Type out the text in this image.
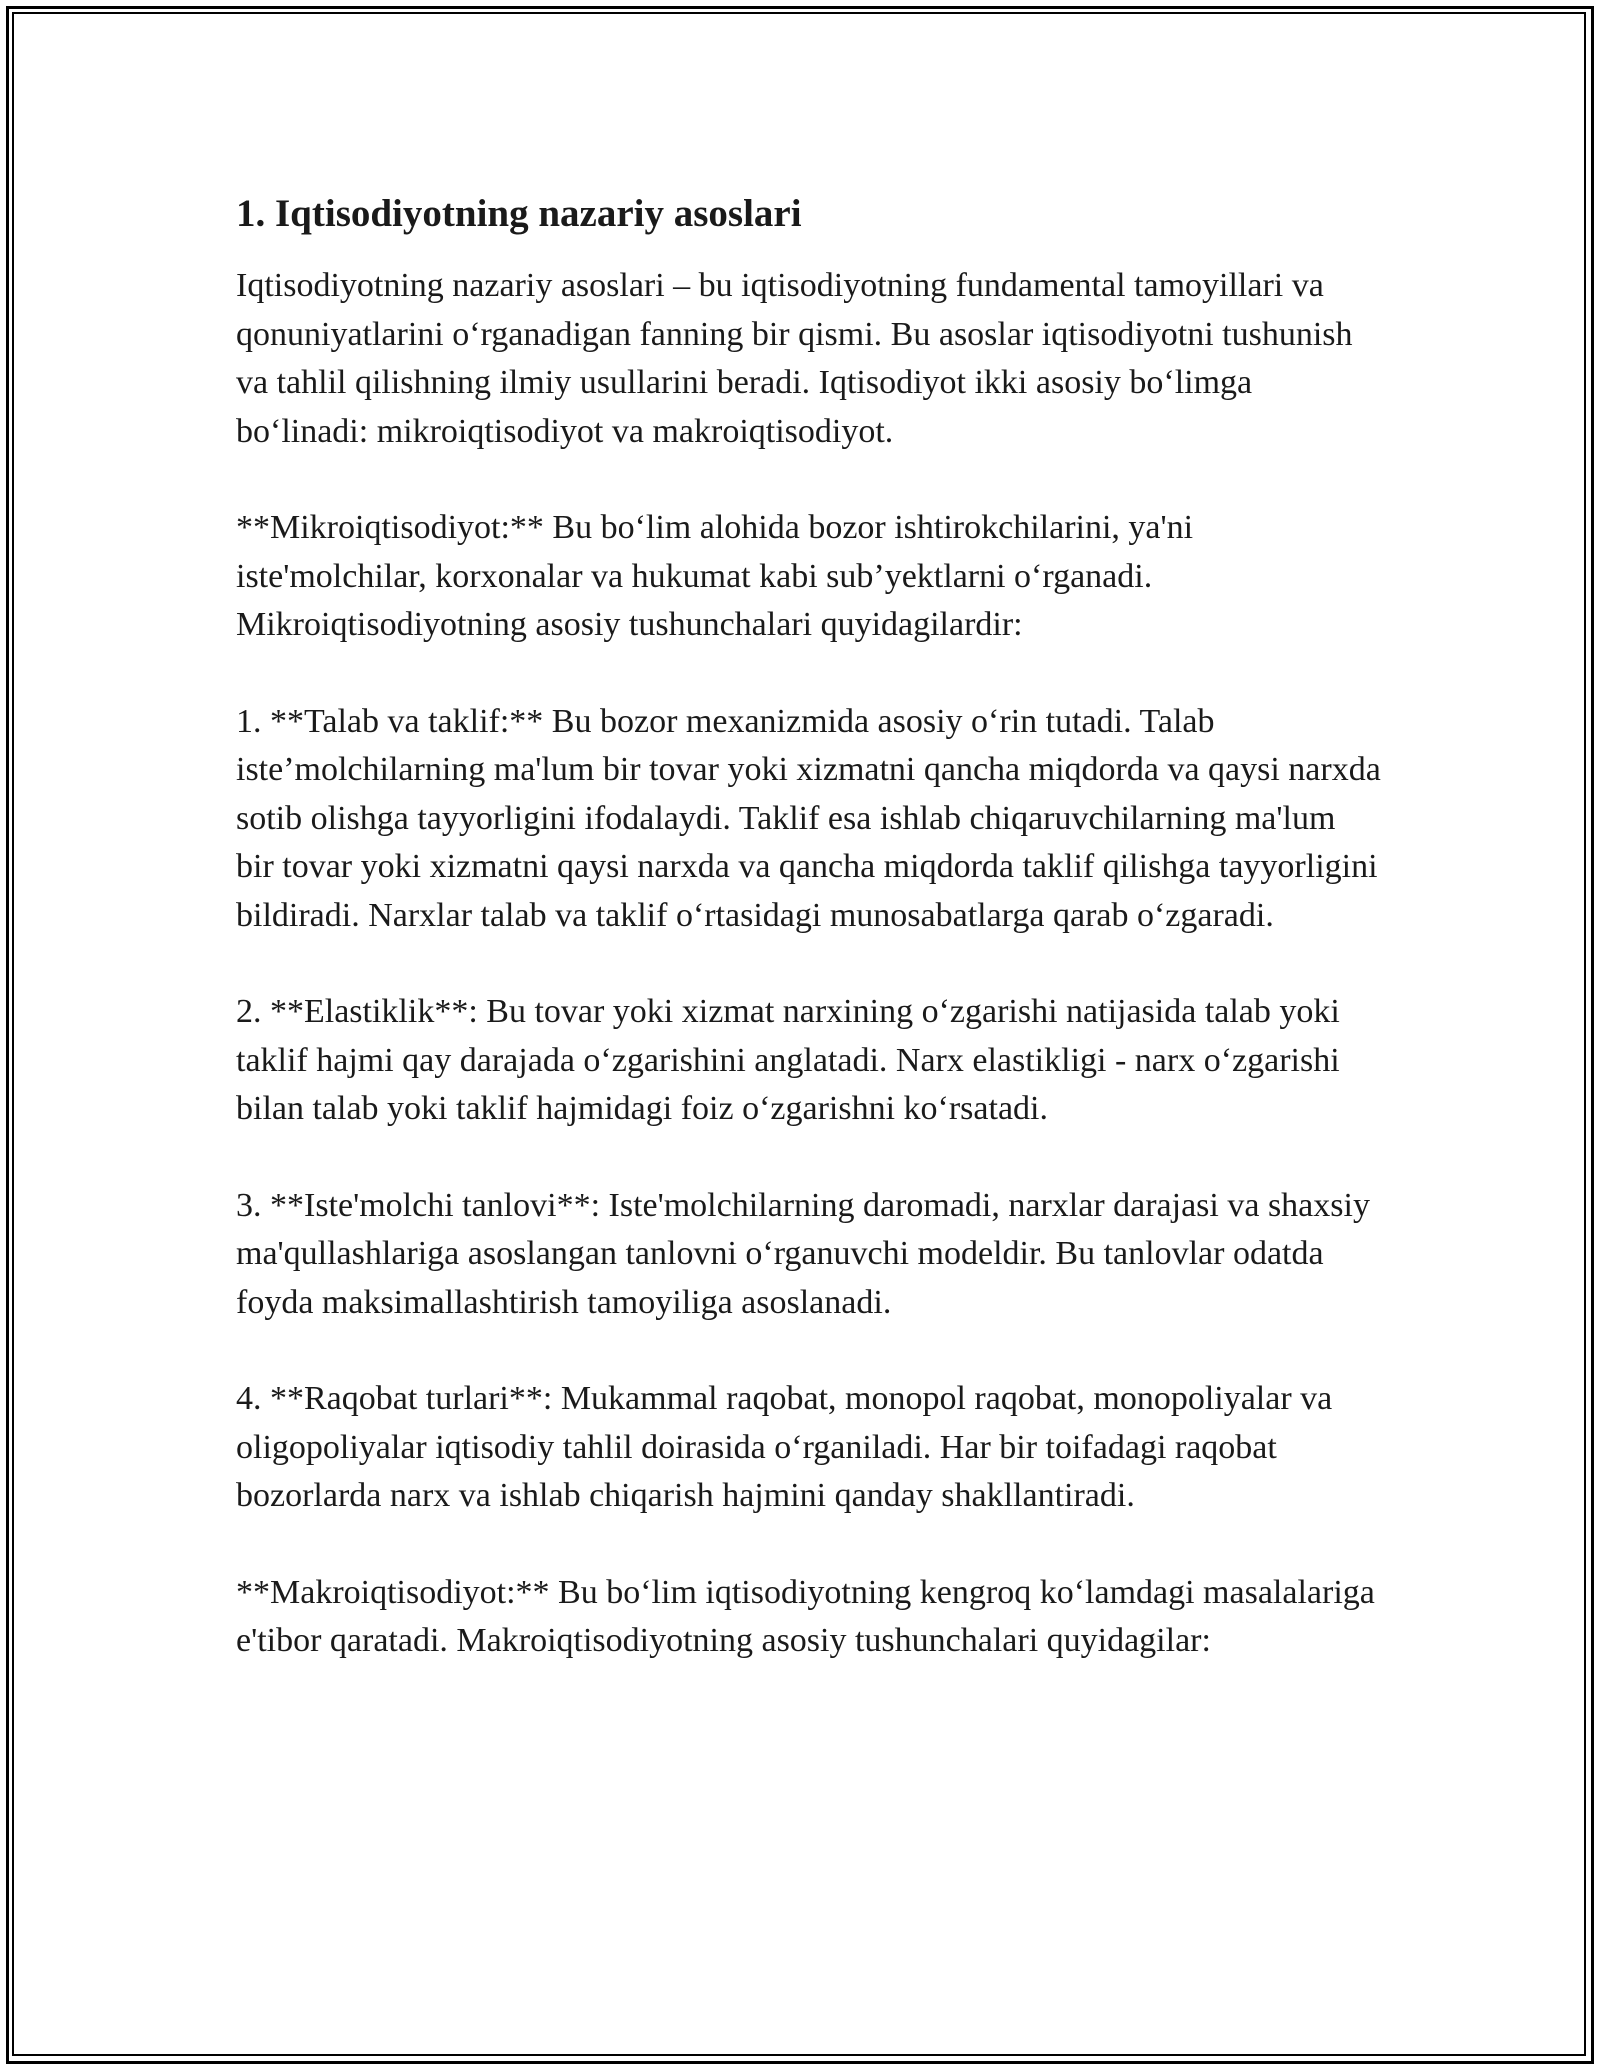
1. Iqtisodiyotning nazariy asoslari

Iqtisodiyotning nazariy asoslari – bu iqtisodiyotning fundamental tamoyillari va qonuniyatlarini o‘rganadigan fanning bir qismi. Bu asoslar iqtisodiyotni tushunish va tahlil qilishning ilmiy usullarini beradi. Iqtisodiyot ikki asosiy bo‘limga bo‘linadi: mikroiqtisodiyot va makroiqtisodiyot.

**Mikroiqtisodiyot:** Bu bo‘lim alohida bozor ishtirokchilarini, ya'ni iste'molchilar, korxonalar va hukumat kabi sub’yektlarni o‘rganadi. Mikroiqtisodiyotning asosiy tushunchalari quyidagilardir:

1. **Talab va taklif:** Bu bozor mexanizmida asosiy o‘rin tutadi. Talab iste’molchilarning ma'lum bir tovar yoki xizmatni qancha miqdorda va qaysi narxda sotib olishga tayyorligini ifodalaydi. Taklif esa ishlab chiqaruvchilarning ma'lum bir tovar yoki xizmatni qaysi narxda va qancha miqdorda taklif qilishga tayyorligini bildiradi. Narxlar talab va taklif o‘rtasidagi munosabatlarga qarab o‘zgaradi.

2. **Elastiklik**: Bu tovar yoki xizmat narxining o‘zgarishi natijasida talab yoki taklif hajmi qay darajada o‘zgarishini anglatadi. Narx elastikligi - narx o‘zgarishi bilan talab yoki taklif hajmidagi foiz o‘zgarishni ko‘rsatadi.

3. **Iste'molchi tanlovi**: Iste'molchilarning daromadi, narxlar darajasi va shaxsiy ma'qullashlariga asoslangan tanlovni o‘rganuvchi modeldir. Bu tanlovlar odatda foyda maksimallashtirish tamoyiliga asoslanadi.

4. **Raqobat turlari**: Mukammal raqobat, monopol raqobat, monopoliyalar va oligopoliyalar iqtisodiy tahlil doirasida o‘rganiladi. Har bir toifadagi raqobat bozorlarda narx va ishlab chiqarish hajmini qanday shakllantiradi.

**Makroiqtisodiyot:** Bu bo‘lim iqtisodiyotning kengroq ko‘lamdagi masalalariga e'tibor qaratadi. Makroiqtisodiyotning asosiy tushunchalari quyidagilar:
